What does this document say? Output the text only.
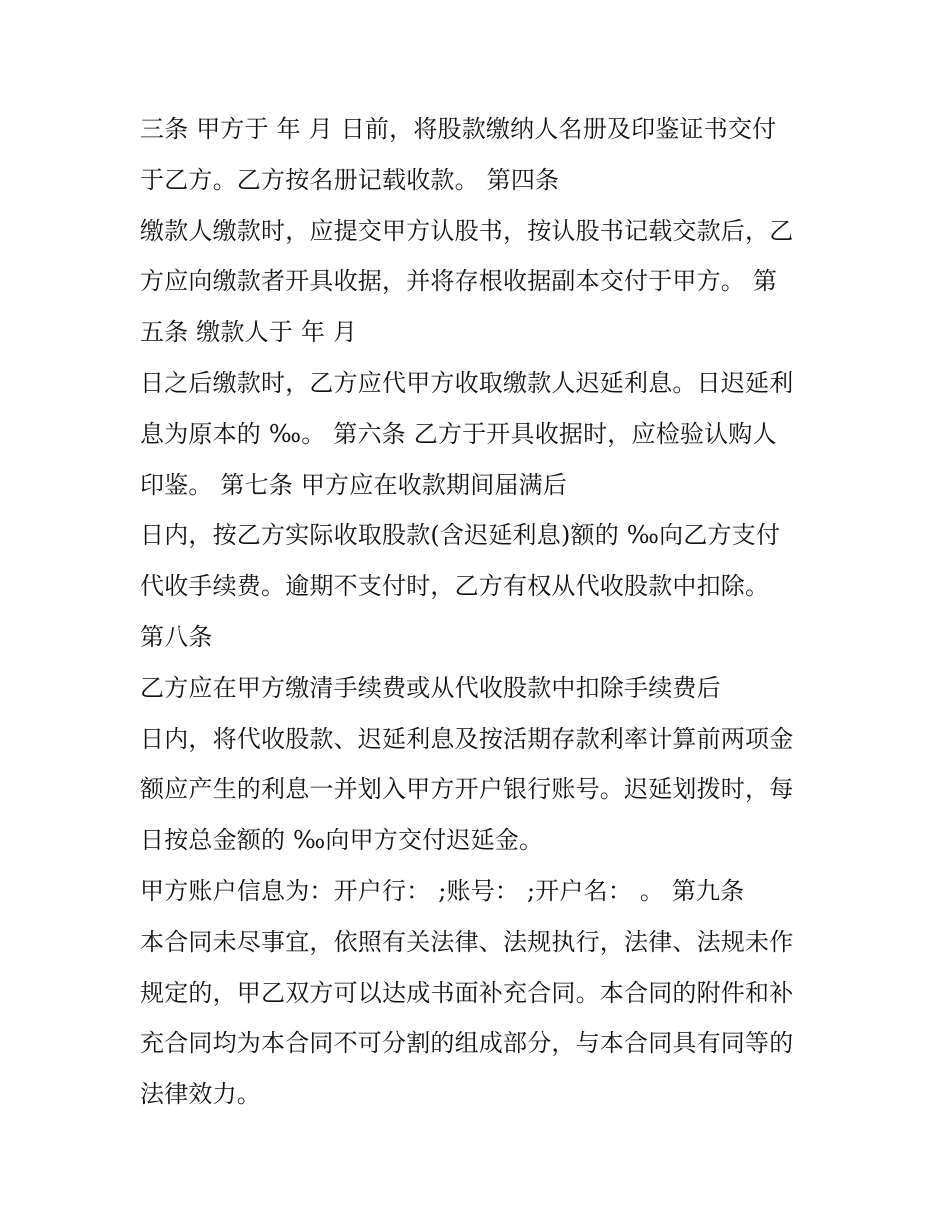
三条 甲方于 年 月 日前，将股款缴纳人名册及印鉴证书交付
于乙方。乙方按名册记载收款。 第四条
缴款人缴款时，应提交甲方认股书，按认股书记载交款后，乙
方应向缴款者开具收据，并将存根收据副本交付于甲方。 第
五条 缴款人于 年 月
日之后缴款时，乙方应代甲方收取缴款人迟延利息。日迟延利
息为原本的 ‰。 第六条 乙方于开具收据时，应检验认购人
印鉴。 第七条 甲方应在收款期间届满后
日内，按乙方实际收取股款(含迟延利息)额的 ‰向乙方支付
代收手续费。逾期不支付时，乙方有权从代收股款中扣除。
第八条
乙方应在甲方缴清手续费或从代收股款中扣除手续费后
日内，将代收股款、迟延利息及按活期存款利率计算前两项金
额应产生的利息一并划入甲方开户银行账号。迟延划拨时，每
日按总金额的 ‰向甲方交付迟延金。
甲方账户信息为：开户行： ;账号： ;开户名： 。 第九条
本合同未尽事宜，依照有关法律、法规执行，法律、法规未作
规定的，甲乙双方可以达成书面补充合同。本合同的附件和补
充合同均为本合同不可分割的组成部分，与本合同具有同等的
法律效力。
